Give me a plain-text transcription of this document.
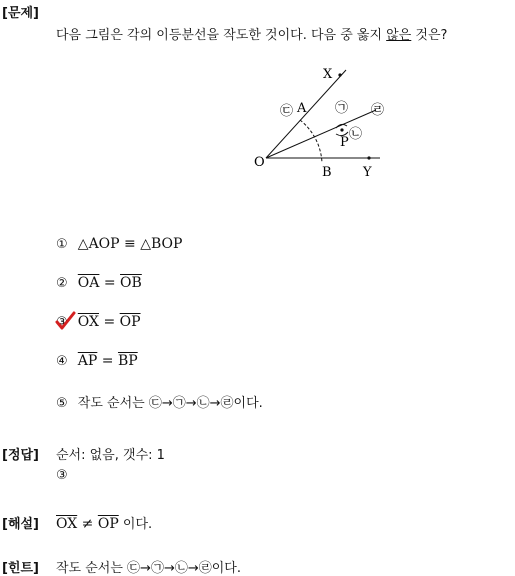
[문제]
다음 그림은 각의 이등분선을 작도한 것이다. 다음 중 옳지 않은 것은?
X
A
O
B Y
P
㉢	㉠ ㉣
㉡
① △AOP ≡ △BOP
② $\overline{OA} = \overline{OB}$
③ $\overline{OX} = \overline{OP}$
④ $\overline{AP} = \overline{BP}$
⑤ 작도 순서는 ㉢→㉠→㉡→㉣이다.
[정답] 순서: 없음, 갯수: 1
③
[해설] $\overline{OX} \ne \overline{OP}$ 이다.
[힌트] 작도 순서는 ㉢→㉠→㉡→㉣이다.
